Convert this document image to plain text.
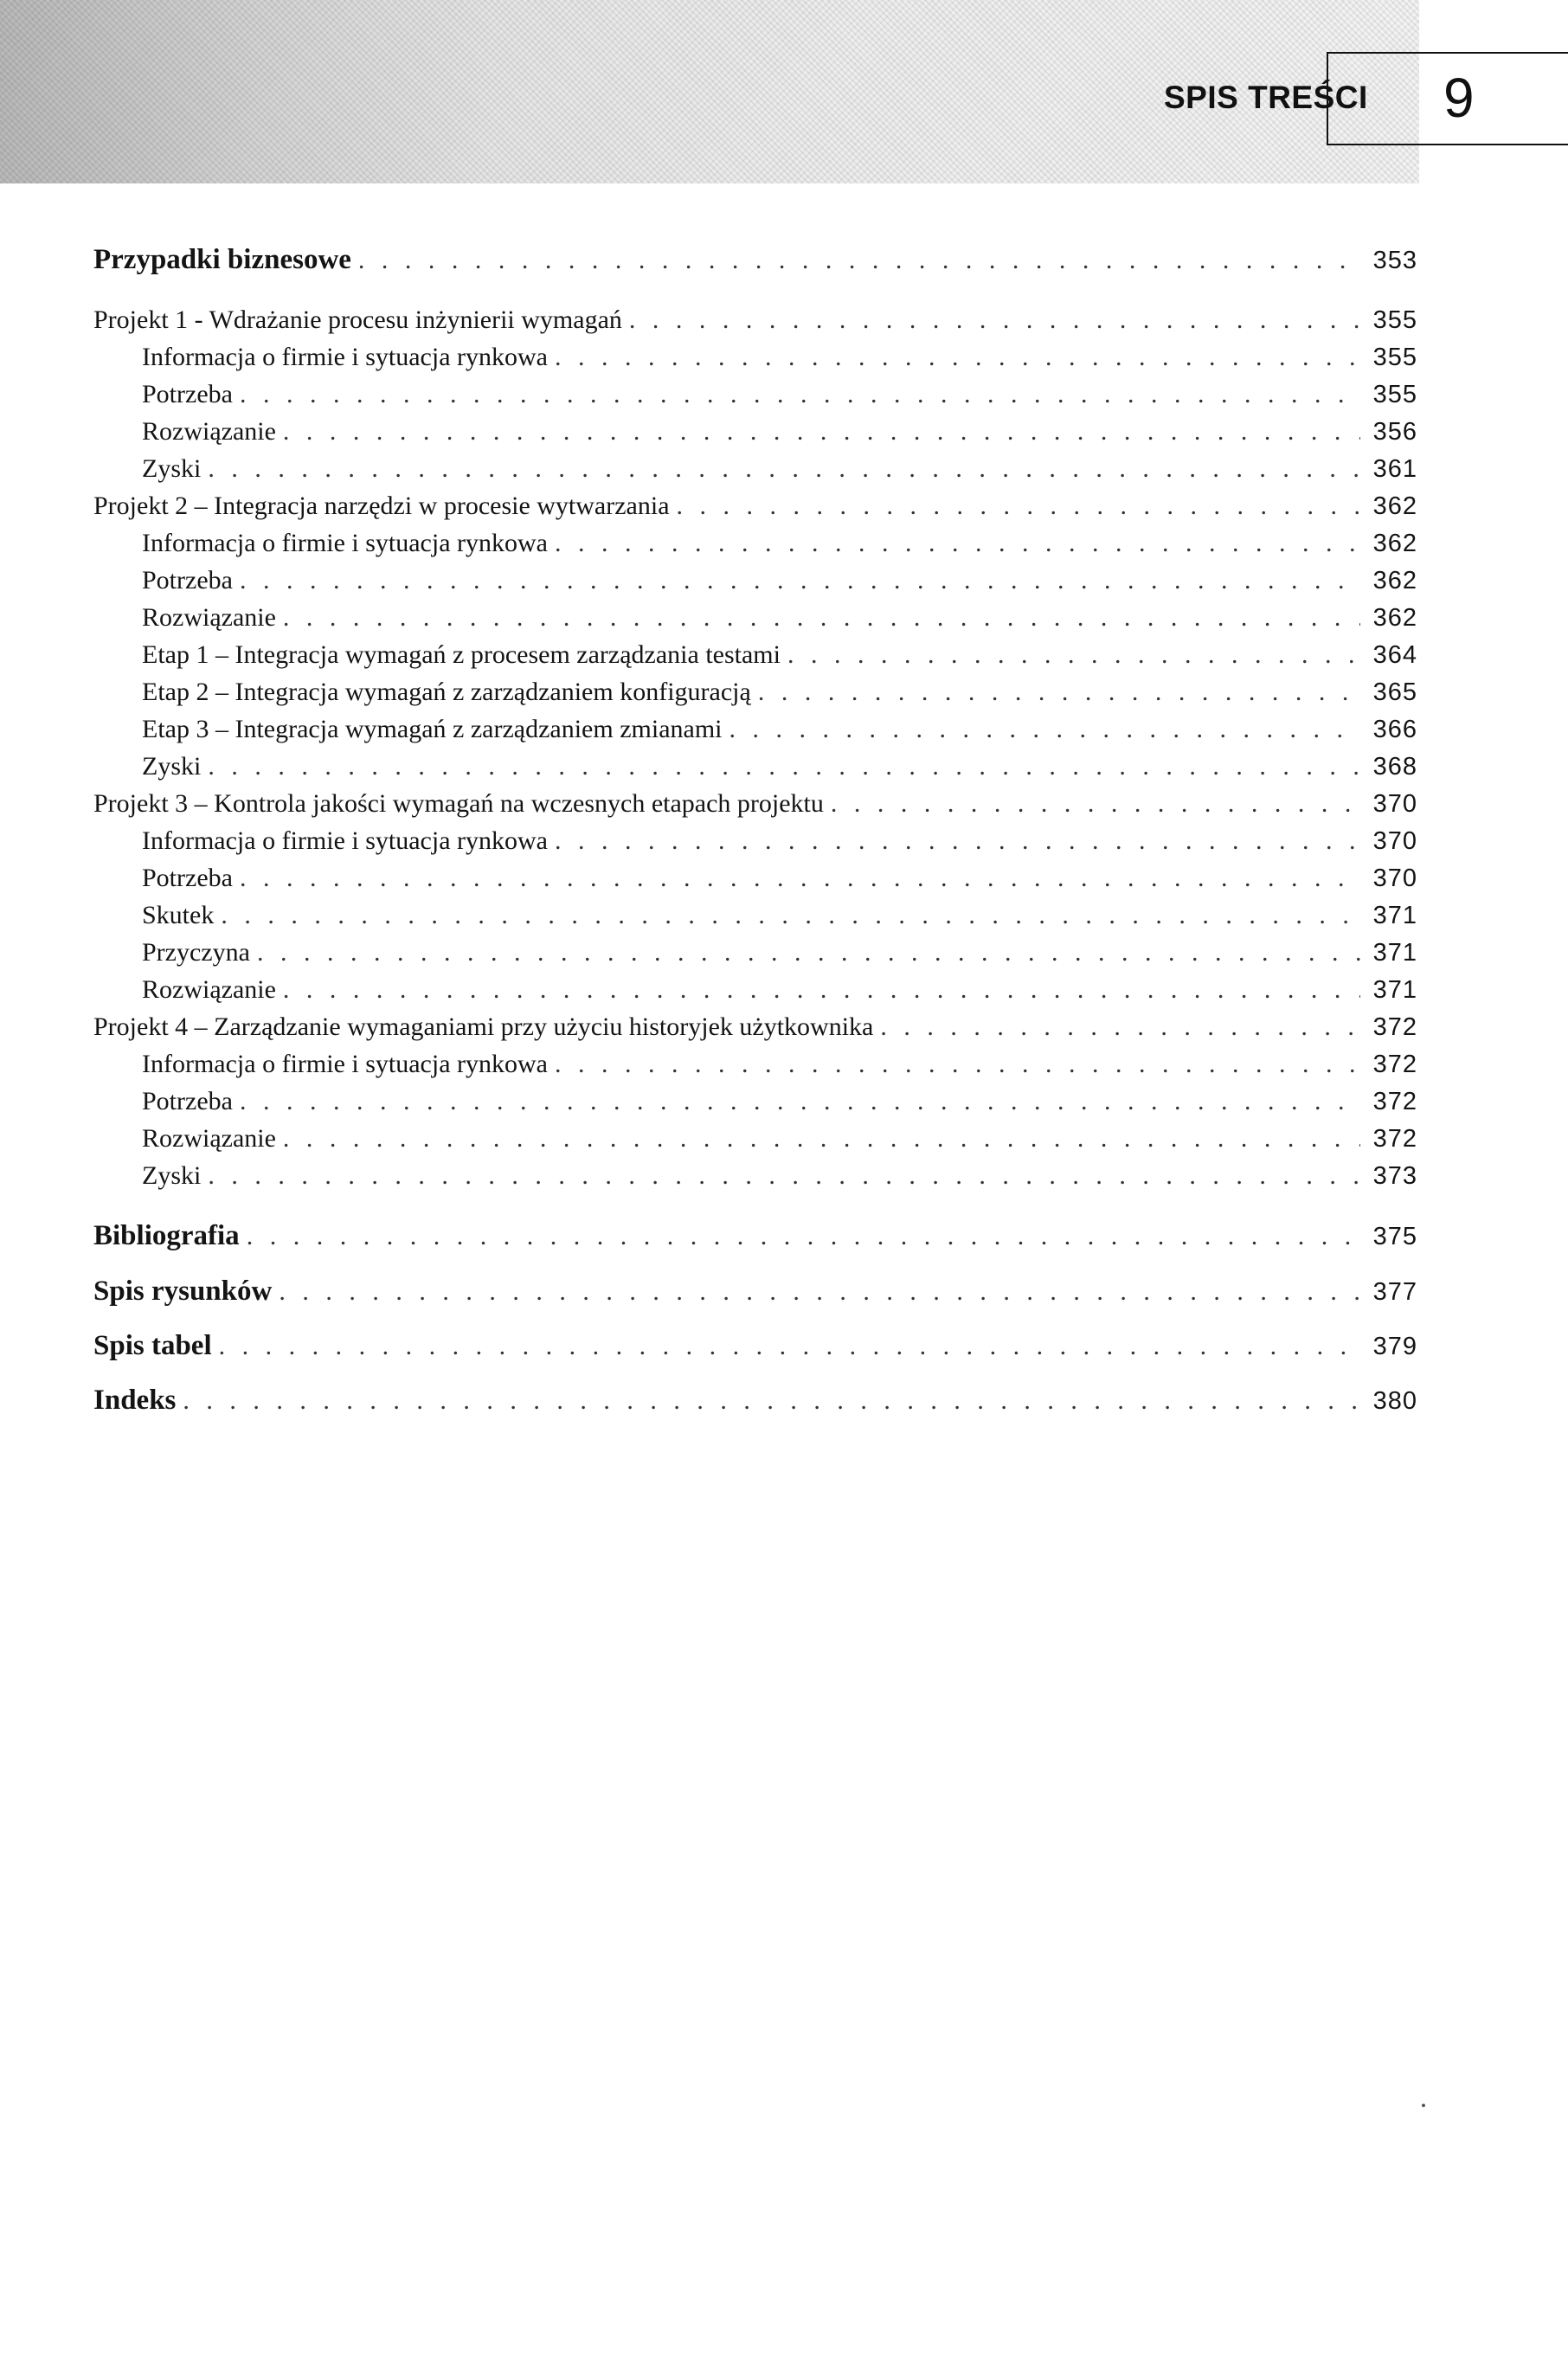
SPIS TREŚCI 9
Przypadki biznesowe . . .	353
Projekt 1 - Wdrażanie procesu inżynierii wymagań . . .	355
Informacja o firmie i sytuacja rynkowa . . .	355
Potrzeba . . .	355
Rozwiązanie . . .	356
Zyski . . .	361
Projekt 2 – Integracja narzędzi w procesie wytwarzania . . .	362
Informacja o firmie i sytuacja rynkowa . . .	362
Potrzeba . . .	362
Rozwiązanie . . .	362
Etap 1 – Integracja wymagań z procesem zarządzania testami . . .	364
Etap 2 – Integracja wymagań z zarządzaniem konfiguracją . . .	365
Etap 3 – Integracja wymagań z zarządzaniem zmianami . . .	366
Zyski . . .	368
Projekt 3 – Kontrola jakości wymagań na wczesnych etapach projektu . . .	370
Informacja o firmie i sytuacja rynkowa . . .	370
Potrzeba . . .	370
Skutek . . .	371
Przyczyna . . .	371
Rozwiązanie . . .	371
Projekt 4 – Zarządzanie wymaganiami przy użyciu historyjek użytkownika . . .	372
Informacja o firmie i sytuacja rynkowa . . .	372
Potrzeba . . .	372
Rozwiązanie . . .	372
Zyski . . .	373
Bibliografia . . .	375
Spis rysunków . . .	377
Spis tabel . . .	379
Indeks . . .	380
